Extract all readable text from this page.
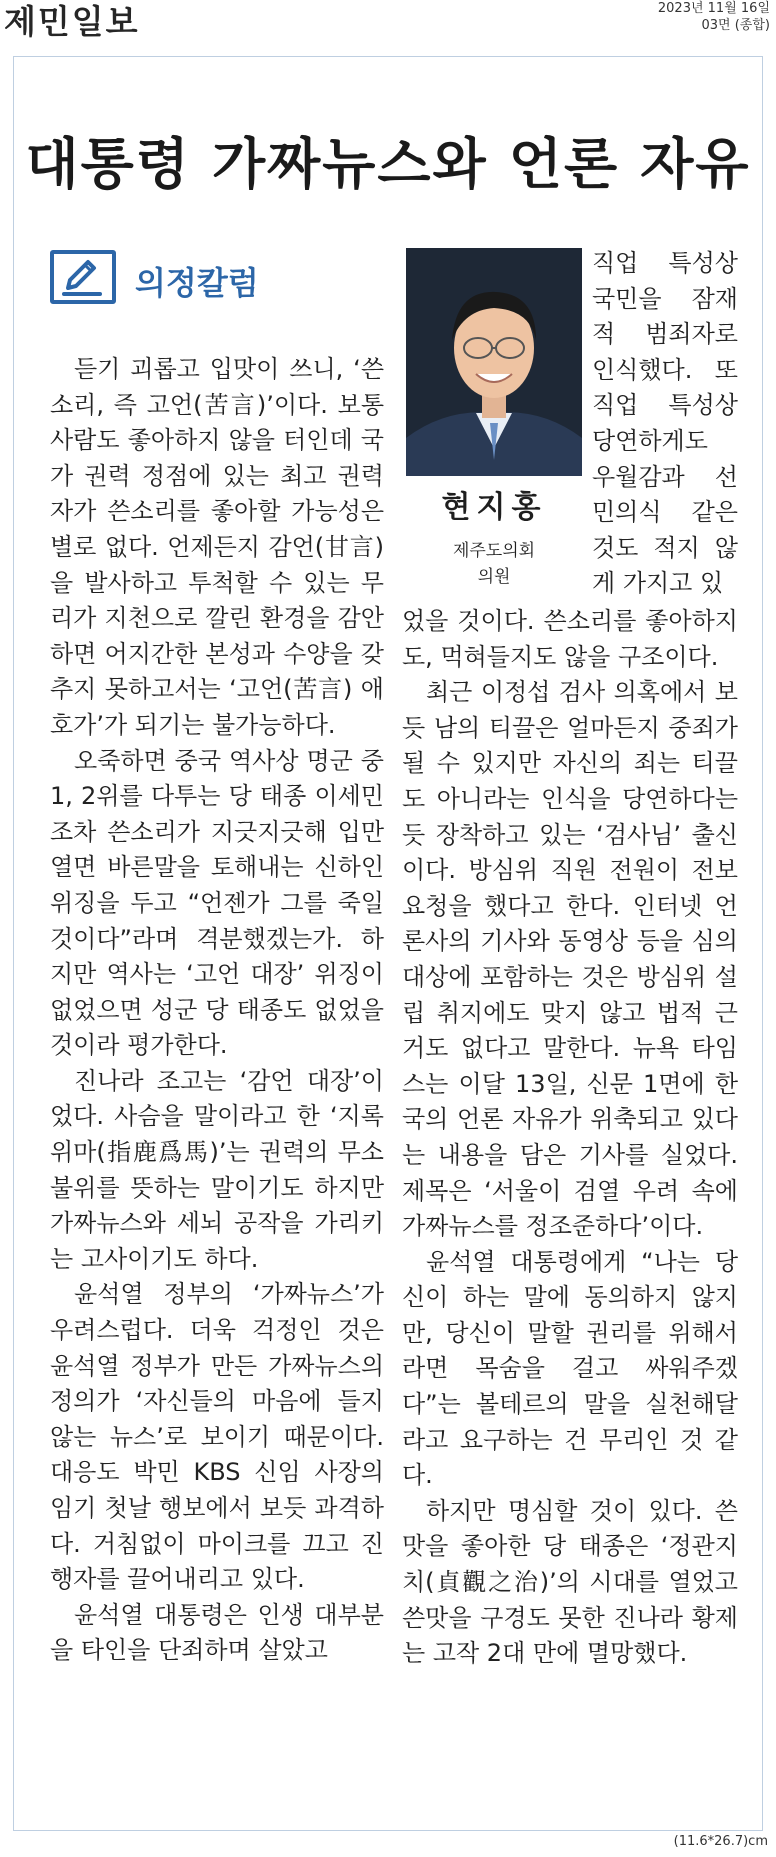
제민일보	2023년 11월 16일
03면 (종합)
대통령 가짜뉴스와 언론 자유
의정칼럼

듣기 괴롭고 입맛이 쓰니, ‘쓴소리, 즉 고언(苦言)’이다. 보통 사람도 좋아하지 않을 터인데 국가 권력 정점에 있는 최고 권력자가 쓴소리를 좋아할 가능성은 별로 없다. 언제든지 감언(甘言)을 발사하고 투척할 수 있는 무리가 지천으로 깔린 환경을 감안하면 어지간한 본성과 수양을 갖추지 못하고서는 ‘고언(苦言) 애호가’가 되기는 불가능하다.

오죽하면 중국 역사상 명군 중 1, 2위를 다투는 당 태종 이세민조차 쓴소리가 지긋지긋해 입만 열면 바른말을 토해내는 신하인 위징을 두고 “언젠가 그를 죽일 것이다”라며 격분했겠는가. 하지만 역사는 ‘고언 대장’ 위징이 없었으면 성군 당 태종도 없었을 것이라 평가한다.

진나라 조고는 ‘감언 대장’이었다. 사슴을 말이라고 한 ‘지록위마(指鹿爲馬)’는 권력의 무소불위를 뜻하는 말이기도 하지만 가짜뉴스와 세뇌 공작을 가리키는 고사이기도 하다.

윤석열 정부의 ‘가짜뉴스’가 우려스럽다. 더욱 걱정인 것은 윤석열 정부가 만든 가짜뉴스의 정의가 ‘자신들의 마음에 들지 않는 뉴스’로 보이기 때문이다. 대응도 박민 KBS 신임 사장의 임기 첫날 행보에서 보듯 과격하다. 거침없이 마이크를 끄고 진행자를 끌어내리고 있다.

윤석열 대통령은 인생 대부분을 타인을 단죄하며 살았고

현지홍
제주도의회
의원
직업 특성상 국민을 잠재적 범죄자로 인식했다. 또 직업 특성상 당연하게도 우월감과 선민의식 같은 것도 적지 않게 가지고 있
었을 것이다. 쓴소리를 좋아하지도, 먹혀들지도 않을 구조이다.

최근 이정섭 검사 의혹에서 보듯 남의 티끌은 얼마든지 중죄가 될 수 있지만 자신의 죄는 티끌도 아니라는 인식을 당연하다는 듯 장착하고 있는 ‘검사님’ 출신이다. 방심위 직원 전원이 전보 요청을 했다고 한다. 인터넷 언론사의 기사와 동영상 등을 심의 대상에 포함하는 것은 방심위 설립 취지에도 맞지 않고 법적 근거도 없다고 말한다. 뉴욕 타임스는 이달 13일, 신문 1면에 한국의 언론 자유가 위축되고 있다는 내용을 담은 기사를 실었다. 제목은 ‘서울이 검열 우려 속에 가짜뉴스를 정조준하다’이다.

윤석열 대통령에게 “나는 당신이 하는 말에 동의하지 않지만, 당신이 말할 권리를 위해서라면 목숨을 걸고 싸워주겠다”는 볼테르의 말을 실천해달라고 요구하는 건 무리인 것 같다.

하지만 명심할 것이 있다. 쓴맛을 좋아한 당 태종은 ‘정관지치(貞觀之治)’의 시대를 열었고 쓴맛을 구경도 못한 진나라 황제는 고작 2대 만에 멸망했다.

(11.6*26.7)cm
